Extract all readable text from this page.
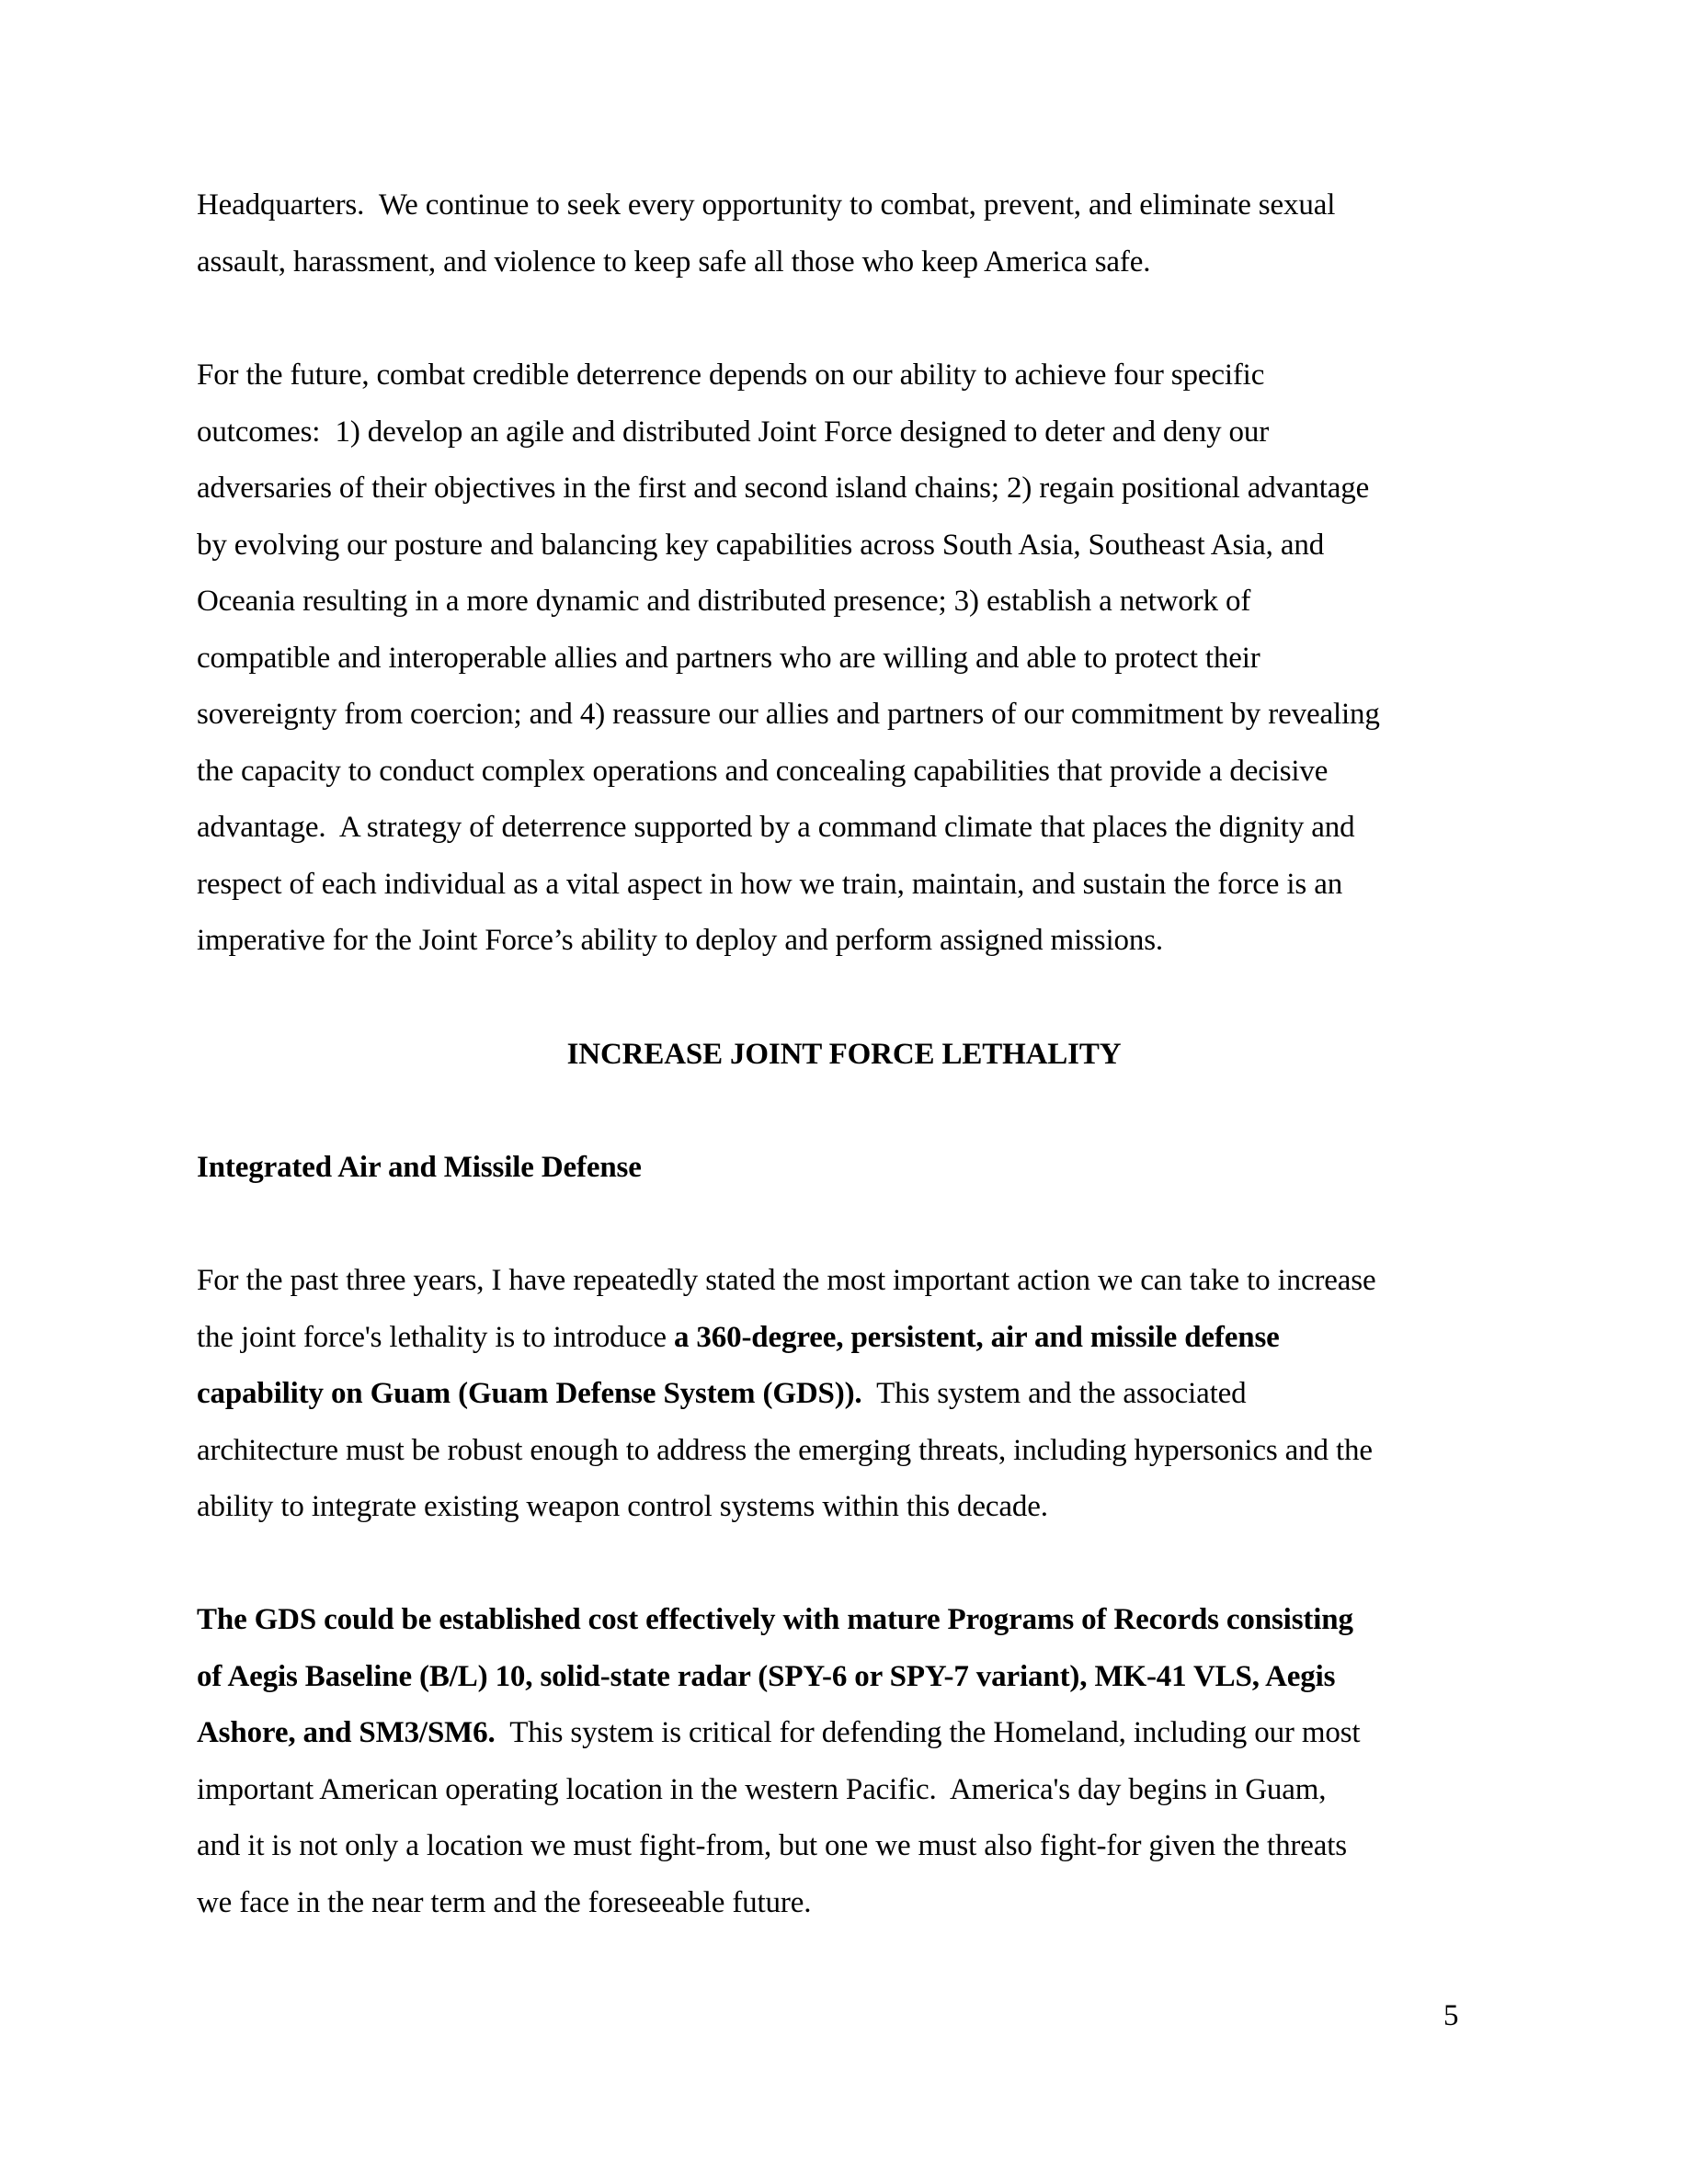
Headquarters.  We continue to seek every opportunity to combat, prevent, and eliminate sexual
assault, harassment, and violence to keep safe all those who keep America safe.
For the future, combat credible deterrence depends on our ability to achieve four specific
outcomes:  1) develop an agile and distributed Joint Force designed to deter and deny our
adversaries of their objectives in the first and second island chains; 2) regain positional advantage
by evolving our posture and balancing key capabilities across South Asia, Southeast Asia, and
Oceania resulting in a more dynamic and distributed presence; 3) establish a network of
compatible and interoperable allies and partners who are willing and able to protect their
sovereignty from coercion; and 4) reassure our allies and partners of our commitment by revealing
the capacity to conduct complex operations and concealing capabilities that provide a decisive
advantage.  A strategy of deterrence supported by a command climate that places the dignity and
respect of each individual as a vital aspect in how we train, maintain, and sustain the force is an
imperative for the Joint Force’s ability to deploy and perform assigned missions.
For the past three years, I have repeatedly stated the most important action we can take to increase
the joint force's lethality is to introduce a 360-degree, persistent, air and missile defense
capability on Guam (Guam Defense System (GDS)).  This system and the associated
architecture must be robust enough to address the emerging threats, including hypersonics and the
ability to integrate existing weapon control systems within this decade.
The GDS could be established cost effectively with mature Programs of Records consisting
of Aegis Baseline (B/L) 10, solid-state radar (SPY-6 or SPY-7 variant), MK-41 VLS, Aegis
Ashore, and SM3/SM6.  This system is critical for defending the Homeland, including our most
important American operating location in the western Pacific.  America's day begins in Guam,
and it is not only a location we must fight-from, but one we must also fight-for given the threats
we face in the near term and the foreseeable future.
INCREASE JOINT FORCE LETHALITY
Integrated Air and Missile Defense
5
